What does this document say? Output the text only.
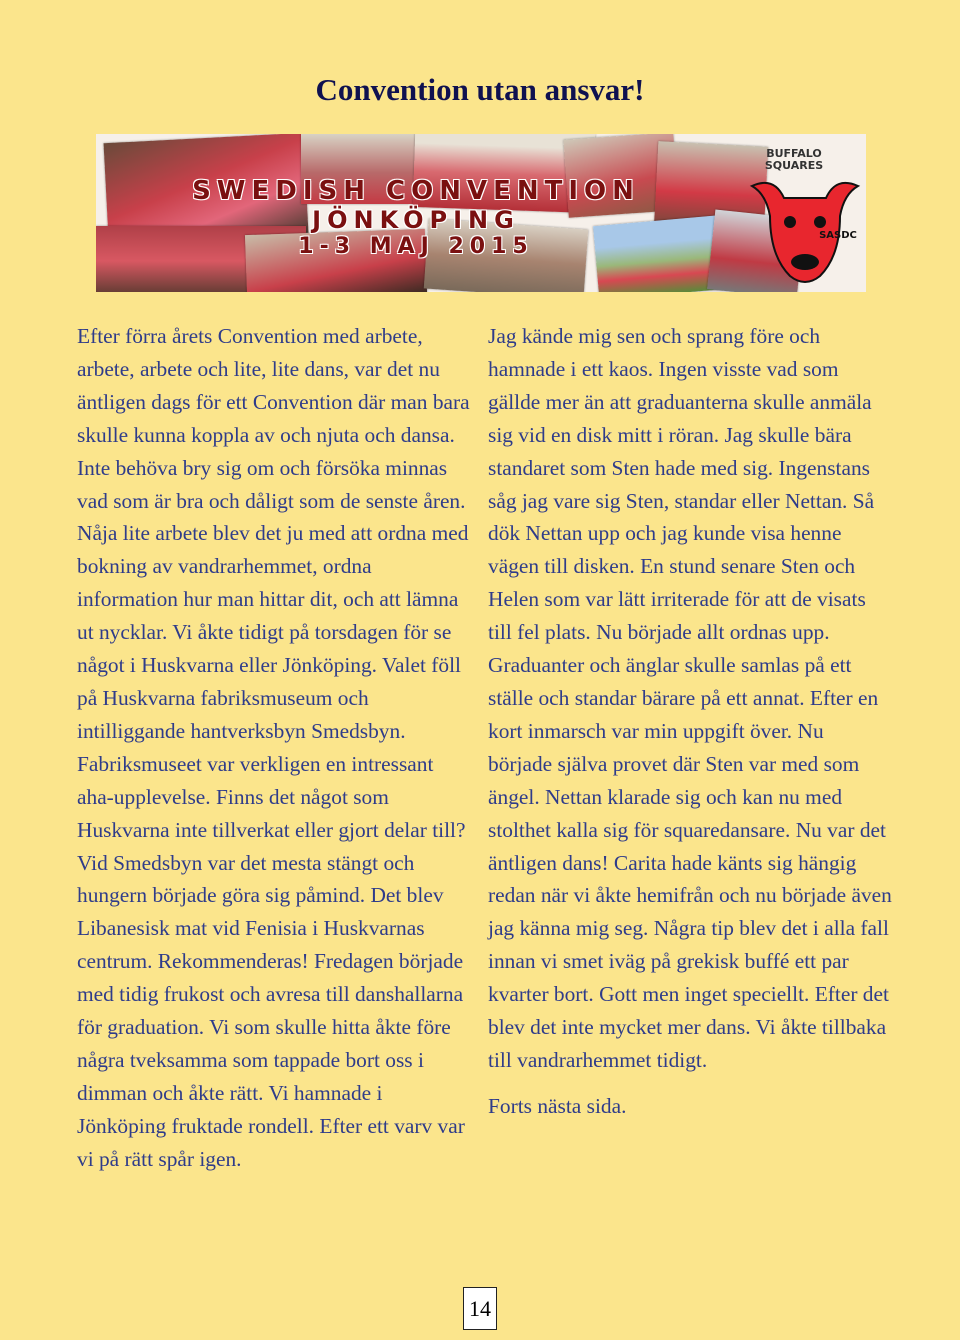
Convention utan ansvar!
BUFFALO SQUARES
SASDC
SWEDISH CONVENTION
JÖNKÖPING
1-3 MAJ 2015

Efter förra årets Convention med arbete, arbete, arbete och lite, lite dans, var det nu äntligen dags för ett Convention där man bara skulle kunna koppla av och njuta och dansa. Inte behöva bry sig om och försöka minnas vad som är bra och dåligt som de senste åren. Nåja lite arbete blev det ju med att ordna med bokning av vandrarhemmet, ordna information hur man hittar dit, och att lämna ut nycklar. Vi åkte tidigt på torsdagen för se något i Huskvarna eller Jönköping. Valet föll på Huskvarna fabriksmuseum och intilliggande hantverksbyn Smedsbyn. Fabriksmuseet var verkligen en intressant aha-upplevelse. Finns det något som Huskvarna inte tillverkat eller gjort delar till? Vid Smedsbyn var det mesta stängt och hungern började göra sig påmind. Det blev Libanesisk mat vid Fenisia i Huskvarnas centrum. Rekommenderas! Fredagen började med tidig frukost och avresa till danshallarna för graduation. Vi som skulle hitta åkte före några tveksamma som tappade bort oss i dimman och åkte rätt. Vi hamnade i Jönköping fruktade rondell. Efter ett varv var vi på rätt spår igen.

Jag kände mig sen och sprang före och hamnade i ett kaos. Ingen visste vad som gällde mer än att graduanterna skulle anmäla sig vid en disk mitt i röran. Jag skulle bära standaret som Sten hade med sig. Ingenstans såg jag vare sig Sten, standar eller Nettan. Så dök Nettan upp och jag kunde visa henne vägen till disken. En stund senare Sten och Helen som var lätt irriterade för att de visats till fel plats. Nu började allt ordnas upp. Graduanter och änglar skulle samlas på ett ställe och standar bärare på ett annat. Efter en kort inmarsch var min uppgift över. Nu började själva provet där Sten var med som ängel. Nettan klarade sig och kan nu med stolthet kalla sig för squaredansare. Nu var det äntligen dans! Carita hade känts sig hängig redan när vi åkte hemifrån och nu började även jag känna mig seg. Några tip blev det i alla fall innan vi smet iväg på grekisk buffé ett par kvarter bort. Gott men inget speciellt. Efter det blev det inte mycket mer dans. Vi åkte tillbaka till vandrarhemmet tidigt.

Forts nästa sida.

14
